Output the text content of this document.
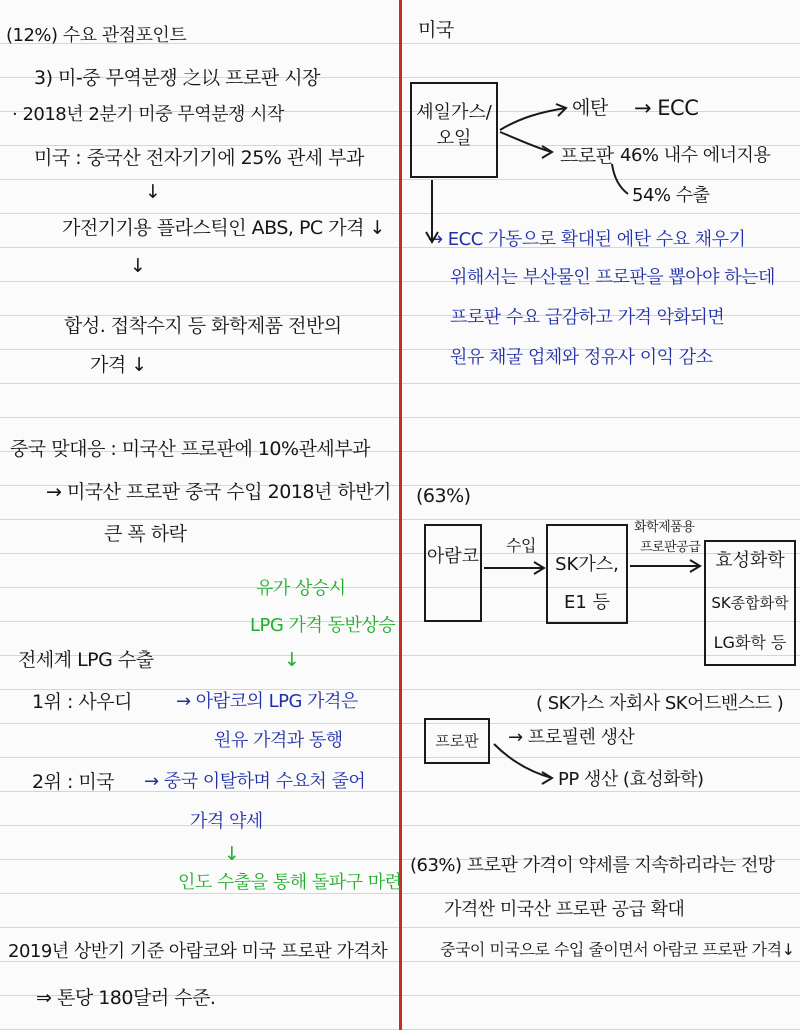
(12%) 수요 관점포인트
3) 미-중 무역분쟁 之以 프로판 시장
· 2018년 2분기 미중 무역분쟁 시작
미국 : 중국산 전자기기에 25% 관세 부과
↓
가전기기용 플라스틱인 ABS, PC 가격 ↓
↓
합성. 접착수지 등 화학제품 전반의
가격 ↓
중국 맞대응 : 미국산 프로판에 10%관세부과
→ 미국산 프로판 중국 수입 2018년 하반기
큰 폭 하락
유가 상승시
LPG 가격 동반상승
↓
전세계 LPG 수출
1위 : 사우디 → 아람코의 LPG 가격은
원유 가격과 동행
2위 : 미국 → 중국 이탈하며 수요처 줄어
가격 약세
↓
인도 수출을 통해 돌파구 마련
2019년 상반기 기준 아람코와 미국 프로판 가격차
⇒ 톤당 180달러 수준.
미국
셰일가스/오일
에탄 → ECC
프로판 46% 내수 에너지용
54% 수출
→ ECC 가동으로 확대된 에탄 수요 채우기
위해서는 부산물인 프로판을 뽑아야 하는데
프로판 수요 급감하고 가격 악화되면
원유 채굴 업체와 정유사 이익 감소
(63%)
아람코
수입
SK가스,
E1 등
화학제품용
프로판공급
효성화학
SK종합화학
LG화학 등
( SK가스 자회사 SK어드밴스드 )
프로판	→ 프로필렌 생산
PP 생산 (효성화학)
(63%) 프로판 가격이 약세를 지속하리라는 전망
가격싼 미국산 프로판 공급 확대
중국이 미국으로 수입 줄이면서 아람코 프로판 가격↓
